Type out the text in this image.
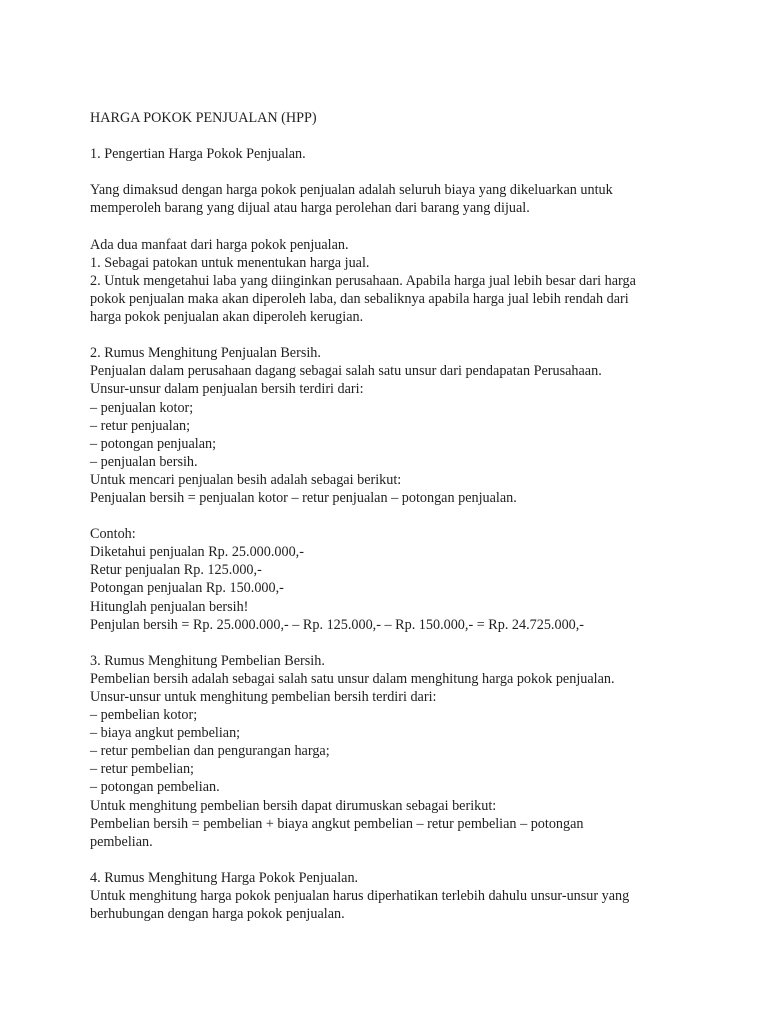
HARGA POKOK PENJUALAN (HPP)
1. Pengertian Harga Pokok Penjualan.
Yang dimaksud dengan harga pokok penjualan adalah seluruh biaya yang dikeluarkan untuk
memperoleh barang yang dijual atau harga perolehan dari barang yang dijual.
Ada dua manfaat dari harga pokok penjualan.
1. Sebagai patokan untuk menentukan harga jual.
2. Untuk mengetahui laba yang diinginkan perusahaan. Apabila harga jual lebih besar dari harga
pokok penjualan maka akan diperoleh laba, dan sebaliknya apabila harga jual lebih rendah dari
harga pokok penjualan akan diperoleh kerugian.
2. Rumus Menghitung Penjualan Bersih.
Penjualan dalam perusahaan dagang sebagai salah satu unsur dari pendapatan Perusahaan.
Unsur-unsur dalam penjualan bersih terdiri dari:
– penjualan kotor;
– retur penjualan;
– potongan penjualan;
– penjualan bersih.
Untuk mencari penjualan besih adalah sebagai berikut:
Penjualan bersih = penjualan kotor – retur penjualan – potongan penjualan.
Contoh:
Diketahui penjualan Rp. 25.000.000,-
Retur penjualan Rp. 125.000,-
Potongan penjualan Rp. 150.000,-
Hitunglah penjualan bersih!
Penjulan bersih = Rp. 25.000.000,- – Rp. 125.000,- – Rp. 150.000,- = Rp. 24.725.000,-
3. Rumus Menghitung Pembelian Bersih.
Pembelian bersih adalah sebagai salah satu unsur dalam menghitung harga pokok penjualan.
Unsur-unsur untuk menghitung pembelian bersih terdiri dari:
– pembelian kotor;
– biaya angkut pembelian;
– retur pembelian dan pengurangan harga;
– retur pembelian;
– potongan pembelian.
Untuk menghitung pembelian bersih dapat dirumuskan sebagai berikut:
Pembelian bersih = pembelian + biaya angkut pembelian – retur pembelian – potongan
pembelian.
4. Rumus Menghitung Harga Pokok Penjualan.
Untuk menghitung harga pokok penjualan harus diperhatikan terlebih dahulu unsur-unsur yang
berhubungan dengan harga pokok penjualan.
